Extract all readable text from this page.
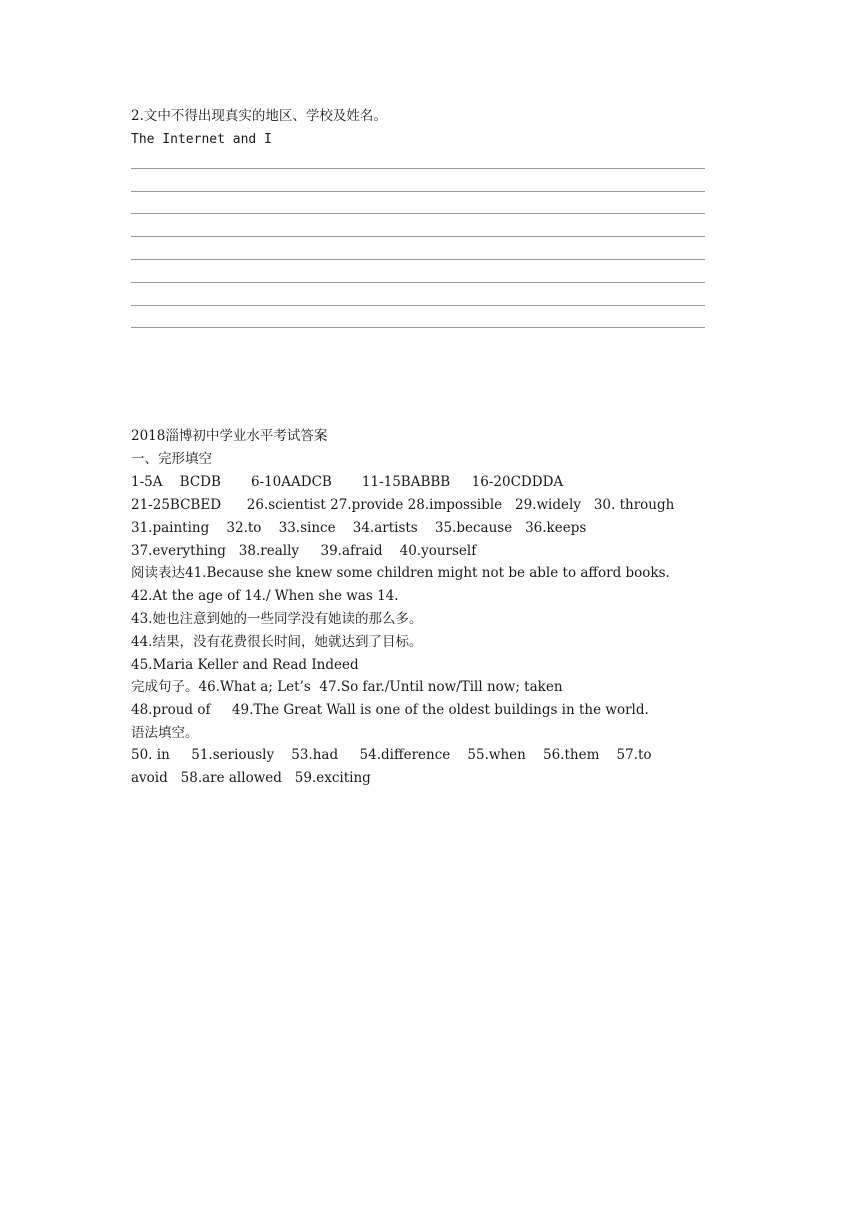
2.文中不得出现真实的地区、学校及姓名。
The Internet and I
2018淄博初中学业水平考试答案
一、完形填空
1-5A    BCDB       6-10AADCB       11-15BABBB     16-20CDDDA
21-25BCBED      26.scientist 27.provide 28.impossible   29.widely   30. through
31.painting    32.to    33.since    34.artists    35.because   36.keeps
37.everything   38.really     39.afraid    40.yourself
阅读表达41.Because she knew some children might not be able to afford books.
42.At the age of 14./ When she was 14.
43.她也注意到她的一些同学没有她读的那么多。
44.结果，没有花费很长时间，她就达到了目标。
45.Maria Keller and Read Indeed
完成句子。46.What a; Let’s  47.So far./Until now/Till now; taken
48.proud of     49.The Great Wall is one of the oldest buildings in the world.
语法填空。
50. in     51.seriously    53.had     54.difference    55.when    56.them    57.to
avoid   58.are allowed   59.exciting
